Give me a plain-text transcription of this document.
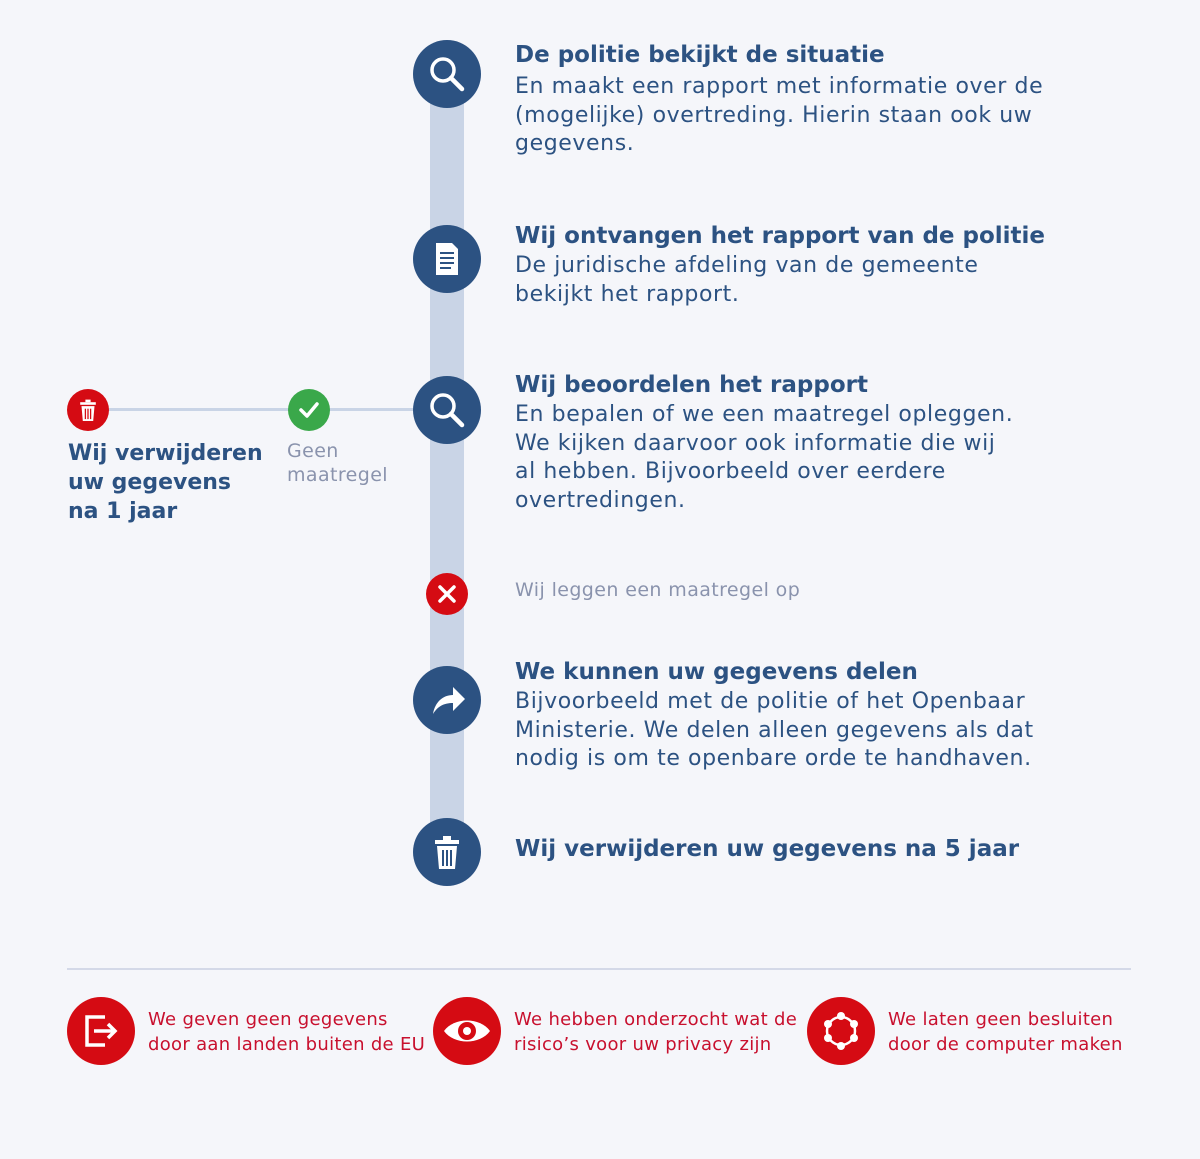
De politie bekijkt de situatie
En maakt een rapport met informatie over de
(mogelijke) overtreding. Hierin staan ook uw
gegevens.
Wij ontvangen het rapport van de politie
De juridische afdeling van de gemeente
bekijkt het rapport.
Wij beoordelen het rapport
En bepalen of we een maatregel opleggen.
We kijken daarvoor ook informatie die wij
al hebben. Bijvoorbeeld over eerdere
overtredingen.
Wij leggen een maatregel op
We kunnen uw gegevens delen
Bijvoorbeeld met de politie of het Openbaar
Ministerie. We delen alleen gegevens als dat
nodig is om te openbare orde te handhaven.
Wij verwijderen uw gegevens na 5 jaar
Geen
maatregel
Wij verwijderen
uw gegevens
na 1 jaar
We geven geen gegevens
door aan landen buiten de EU
We hebben onderzocht wat de
risico’s voor uw privacy zijn
We laten geen besluiten
door de computer maken
